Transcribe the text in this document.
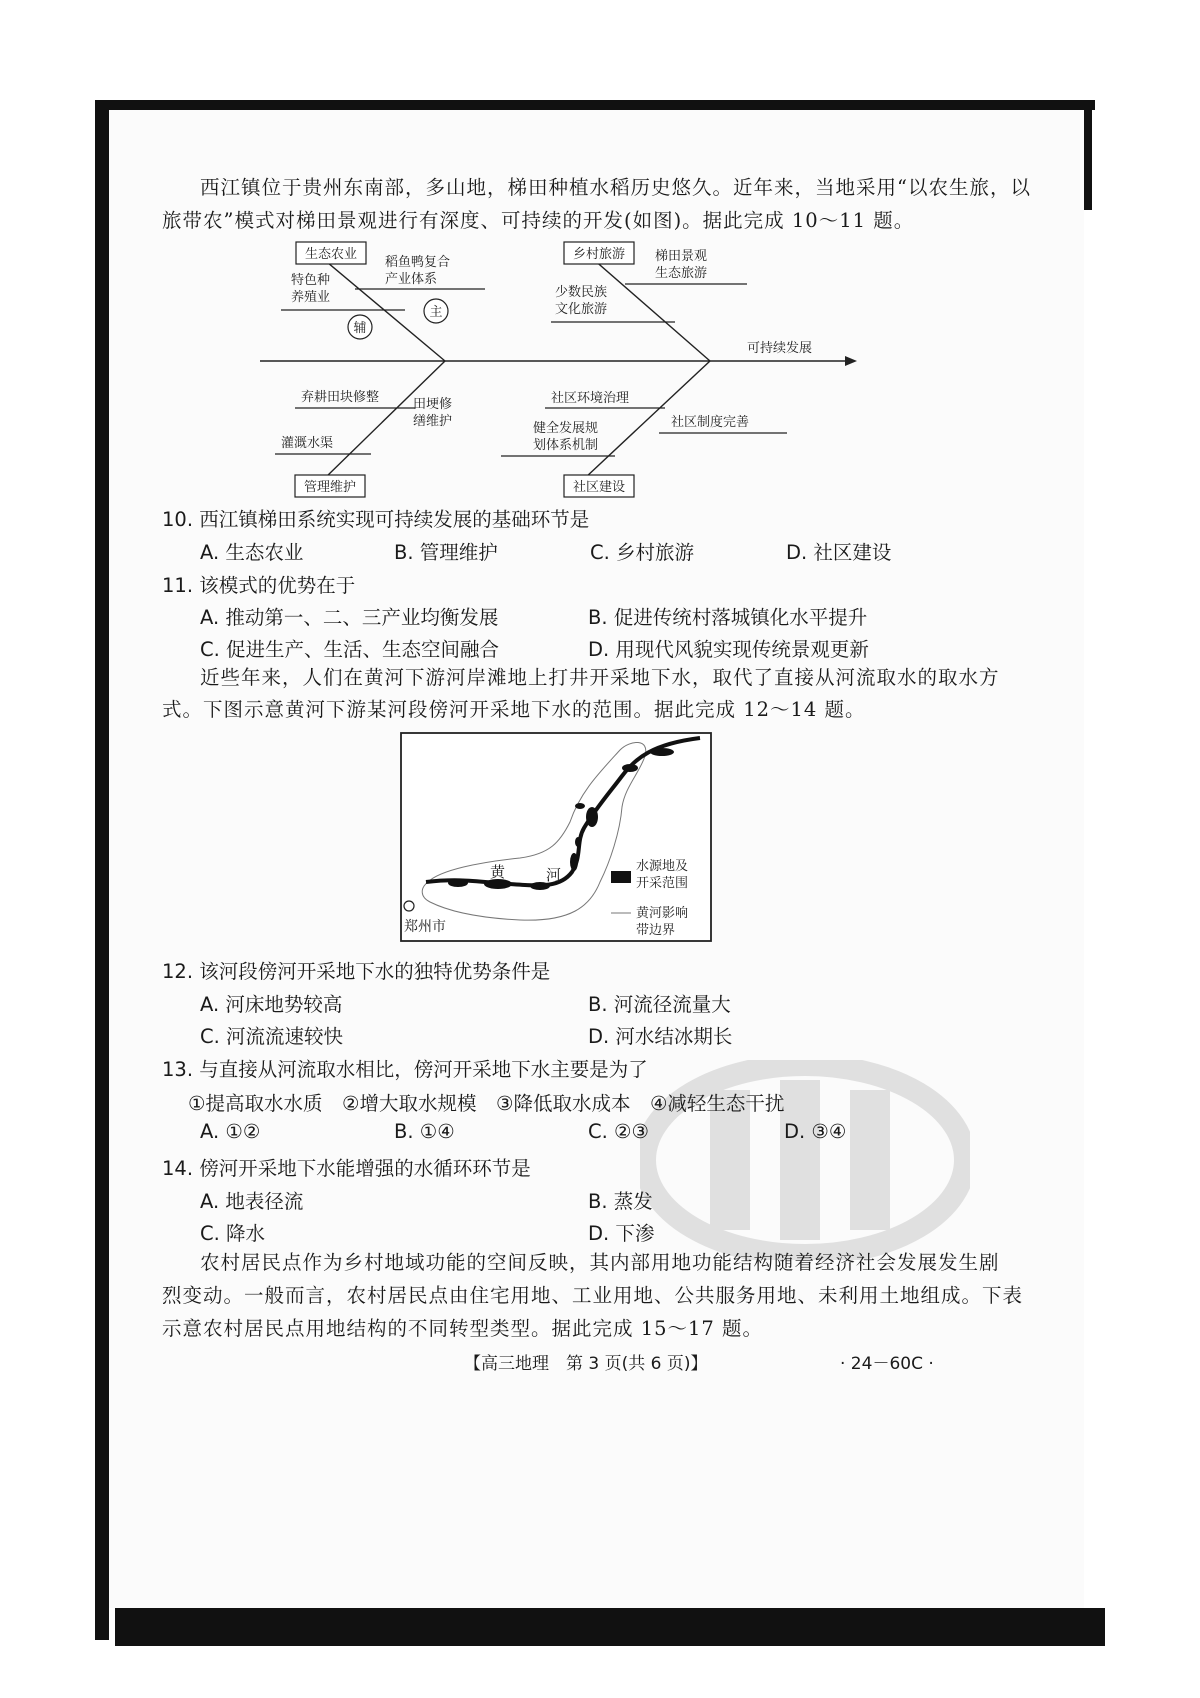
西江镇位于贵州东南部，多山地，梯田种植水稻历史悠久。近年来，当地采用“以农生旅，以
旅带农”模式对梯田景观进行有深度、可持续的开发(如图)。据此完成 10～11 题。
生态农业	乡村旅游
管理维护	社区建设
稻鱼鸭复合
产业体系
特色种
养殖业
主
辅
梯田景观
生态旅游
少数民族
文化旅游
可持续发展
弃耕田块修整	田埂修
缮维护
灌溉水渠
社区环境治理
社区制度完善
健全发展规
划体系机制
10. 西江镇梯田系统实现可持续发展的基础环节是
A. 生态农业	B. 管理维护	C. 乡村旅游	D. 社区建设
11. 该模式的优势在于
A. 推动第一、二、三产业均衡发展	B. 促进传统村落城镇化水平提升
C. 促进生产、生活、生态空间融合	D. 用现代风貌实现传统景观更新
近些年来，人们在黄河下游河岸滩地上打井开采地下水，取代了直接从河流取水的取水方
式。下图示意黄河下游某河段傍河开采地下水的范围。据此完成 12～14 题。
郑州市
黄	河	水源地及
开采范围
黄河影响
带边界
12. 该河段傍河开采地下水的独特优势条件是
A. 河床地势较高	B. 河流径流量大
C. 河流流速较快	D. 河水结冰期长
13. 与直接从河流取水相比，傍河开采地下水主要是为了
①提高取水水质　②增大取水规模　③降低取水成本　④减轻生态干扰
A. ①②	B. ①④	C. ②③	D. ③④
14. 傍河开采地下水能增强的水循环环节是
A. 地表径流	B. 蒸发
C. 降水	D. 下渗
农村居民点作为乡村地域功能的空间反映，其内部用地功能结构随着经济社会发展发生剧
烈变动。一般而言，农村居民点由住宅用地、工业用地、公共服务用地、未利用土地组成。下表
示意农村居民点用地结构的不同转型类型。据此完成 15～17 题。
【高三地理　第 3 页(共 6 页)】	· 24－60C ·
